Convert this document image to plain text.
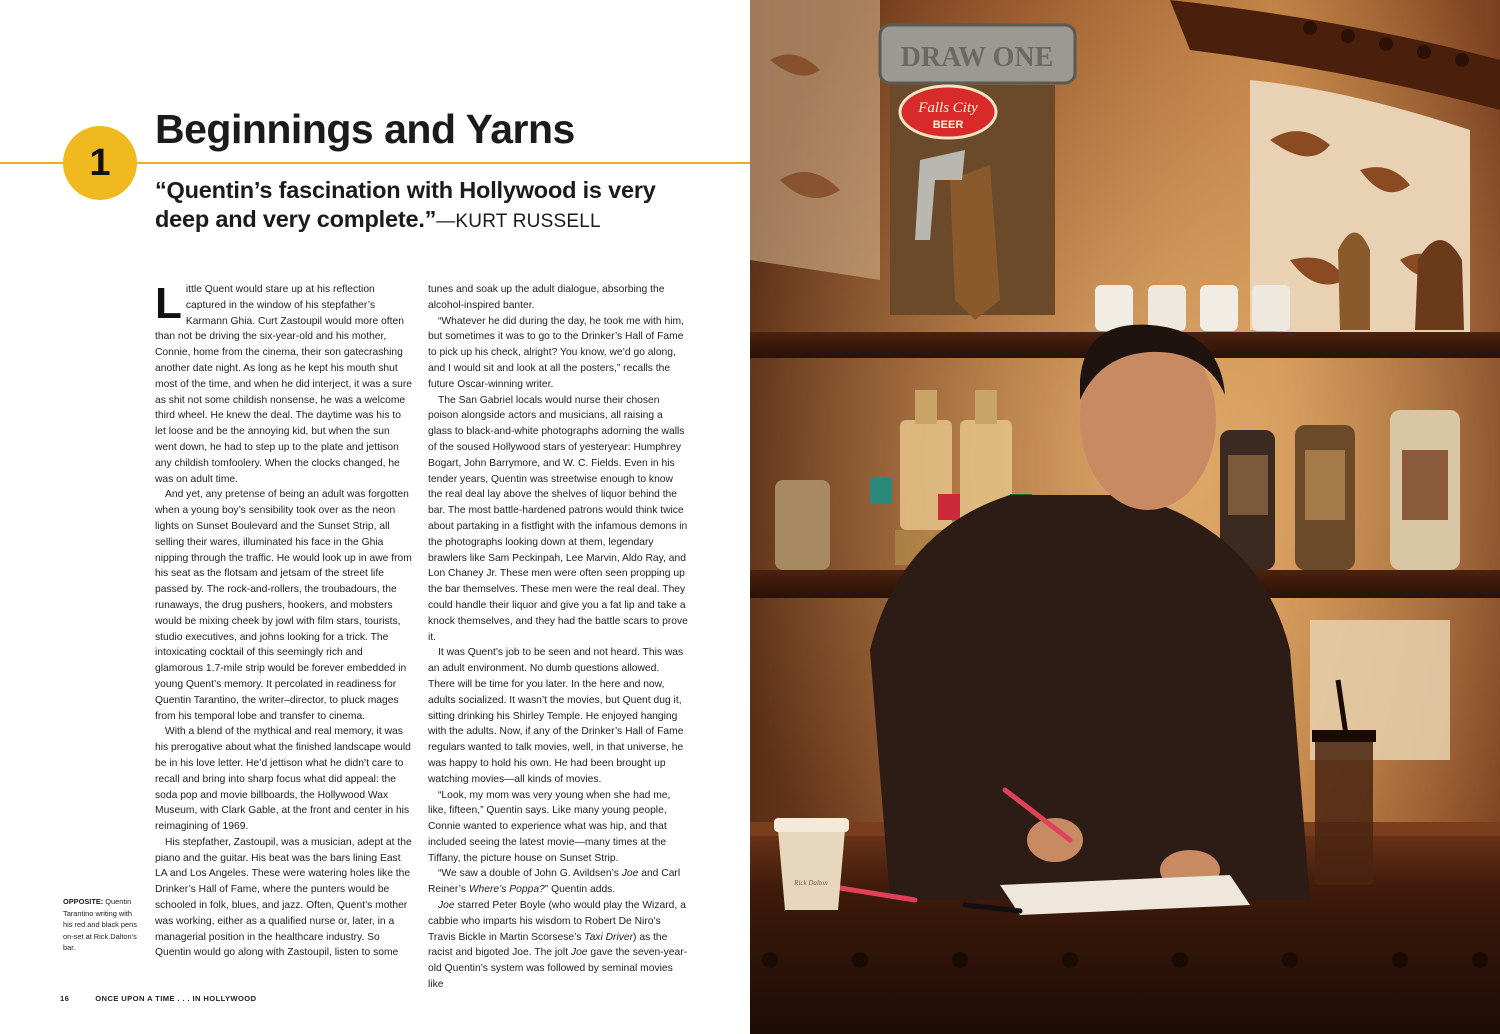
1
Beginnings and Yarns
“Quentin’s fascination with Hollywood is very deep and very complete.”—KURT RUSSELL

Little Quent would stare up at his reflection captured in the window of his stepfather’s Karmann Ghia. Curt Zastoupil would more often than not be driving the six-year-old and his mother, Connie, home from the cinema, their son gatecrashing another date night. As long as he kept his mouth shut most of the time, and when he did interject, it was a sure as shit not some childish nonsense, he was a welcome third wheel. He knew the deal. The daytime was his to let loose and be the annoying kid, but when the sun went down, he had to step up to the plate and jettison any childish tomfoolery. When the clocks changed, he was on adult time.

And yet, any pretense of being an adult was forgotten when a young boy’s sensibility took over as the neon lights on Sunset Boulevard and the Sunset Strip, all selling their wares, illuminated his face in the Ghia nipping through the traffic. He would look up in awe from his seat as the flotsam and jetsam of the street life passed by. The rock-and-rollers, the troubadours, the runaways, the drug pushers, hookers, and mobsters would be mixing cheek by jowl with film stars, tourists, studio executives, and johns looking for a trick. The intoxicating cocktail of this seemingly rich and glamorous 1.7-mile strip would be forever embedded in young Quent’s memory. It percolated in readiness for Quentin Tarantino, the writer–director, to pluck mages from his temporal lobe and transfer to cinema.

With a blend of the mythical and real memory, it was his prerogative about what the finished landscape would be in his love letter. He’d jettison what he didn’t care to recall and bring into sharp focus what did appeal: the soda pop and movie billboards, the Hollywood Wax Museum, with Clark Gable, at the front and center in his reimagining of 1969.

His stepfather, Zastoupil, was a musician, adept at the piano and the guitar. His beat was the bars lining East LA and Los Angeles. These were watering holes like the Drinker’s Hall of Fame, where the punters would be schooled in folk, blues, and jazz. Often, Quent’s mother was working, either as a qualified nurse or, later, in a managerial position in the healthcare industry. So Quentin would go along with Zastoupil, listen to some

tunes and soak up the adult dialogue, absorbing the alcohol-inspired banter.

“Whatever he did during the day, he took me with him, but sometimes it was to go to the Drinker’s Hall of Fame to pick up his check, alright? You know, we’d go along, and I would sit and look at all the posters,” recalls the future Oscar-winning writer.

The San Gabriel locals would nurse their chosen poison alongside actors and musicians, all raising a glass to black-and-white photographs adorning the walls of the soused Hollywood stars of yesteryear: Humphrey Bogart, John Barrymore, and W. C. Fields. Even in his tender years, Quentin was streetwise enough to know the real deal lay above the shelves of liquor behind the bar. The most battle-hardened patrons would think twice about partaking in a fistfight with the infamous demons in the photographs looking down at them, legendary brawlers like Sam Peckinpah, Lee Marvin, Aldo Ray, and Lon Chaney Jr. These men were often seen propping up the bar themselves. These men were the real deal. They could handle their liquor and give you a fat lip and take a knock themselves, and they had the battle scars to prove it.

It was Quent’s job to be seen and not heard. This was an adult environment. No dumb questions allowed. There will be time for you later. In the here and now, adults socialized. It wasn’t the movies, but Quent dug it, sitting drinking his Shirley Temple. He enjoyed hanging with the adults. Now, if any of the Drinker’s Hall of Fame regulars wanted to talk movies, well, in that universe, he was happy to hold his own. He had been brought up watching movies—all kinds of movies.

“Look, my mom was very young when she had me, like, fifteen,” Quentin says. Like many young people, Connie wanted to experience what was hip, and that included seeing the latest movie—many times at the Tiffany, the picture house on Sunset Strip.

“We saw a double of John G. Avildsen’s Joe and Carl Reiner’s Where’s Poppa?” Quentin adds.

Joe starred Peter Boyle (who would play the Wizard, a cabbie who imparts his wisdom to Robert De Niro’s Travis Bickle in Martin Scorsese’s Taxi Driver) as the racist and bigoted Joe. The jolt Joe gave the seven-year-old Quentin’s system was followed by seminal movies like

OPPOSITE: Quentin Tarantino writing with his red and black pens on-set at Rick Dalton’s bar.
16	ONCE UPON A TIME . . . IN HOLLYWOOD
DRAW ONE
Falls City
BEER
Rick Dalton
